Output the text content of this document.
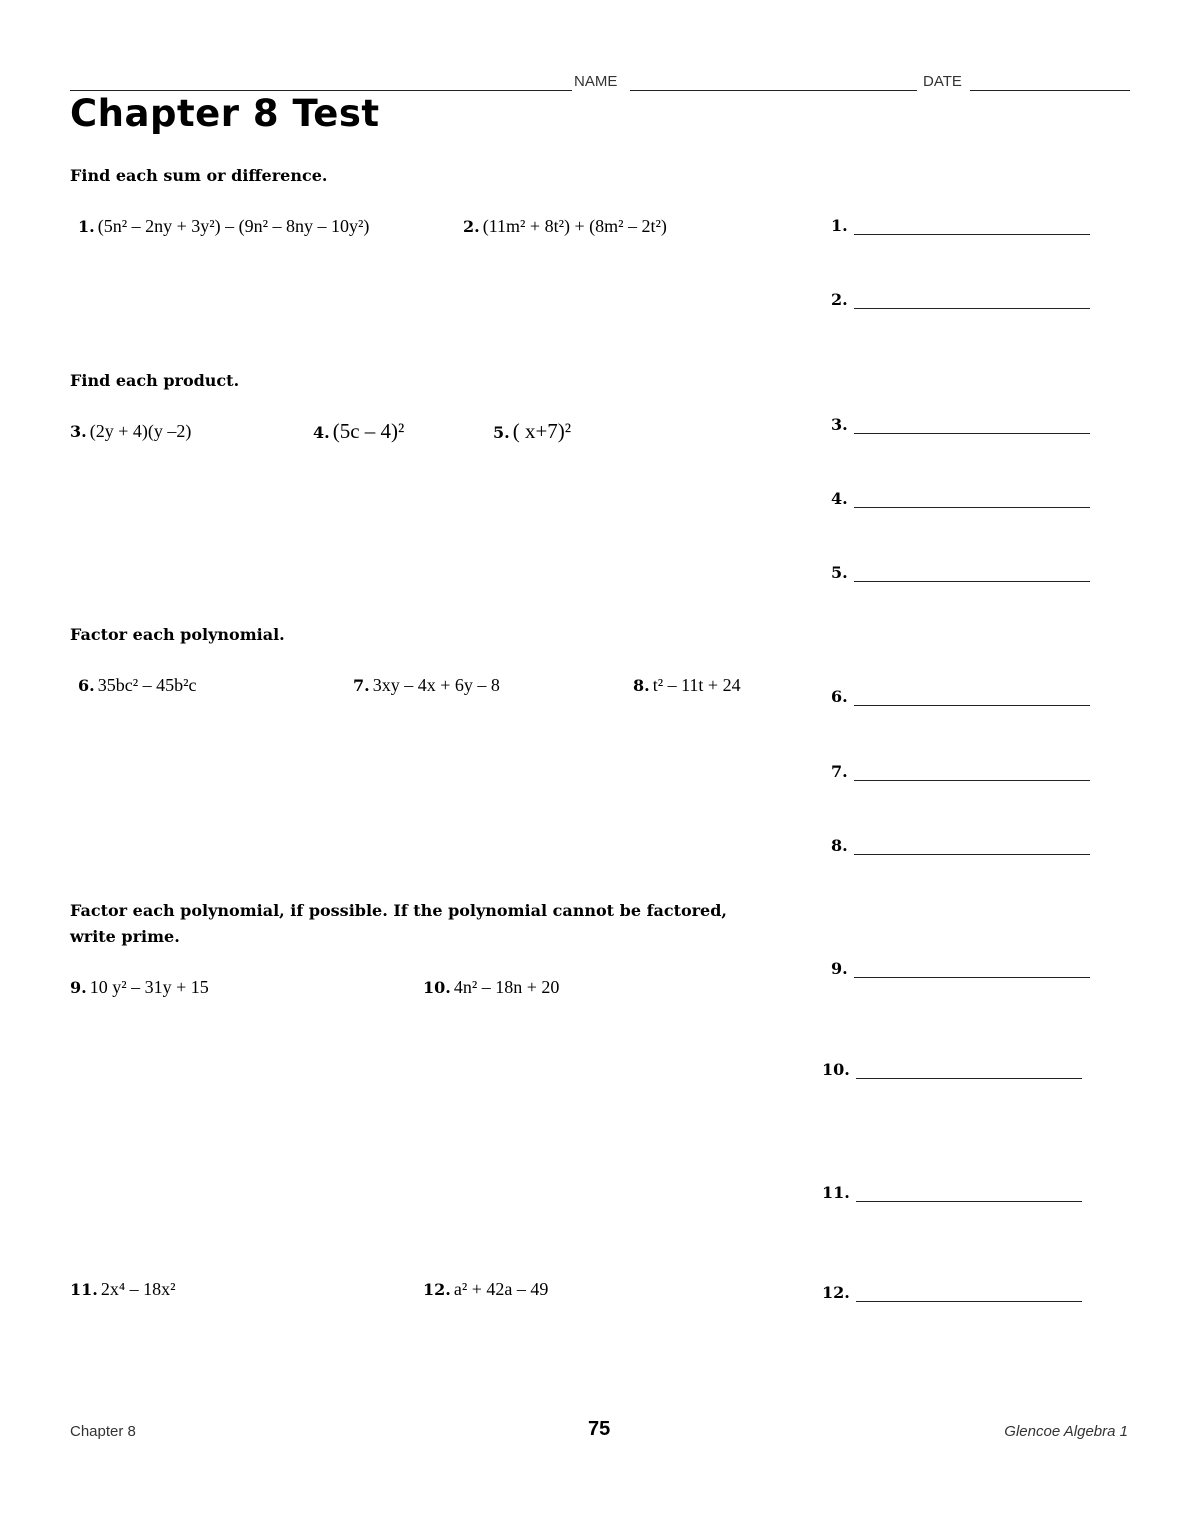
NAME	DATE
Chapter 8 Test
Find each sum or difference.
1. (5n² – 2ny + 3y²) – (9n² – 8ny – 10y²)	2. (11m² + 8t²) + (8m² – 2t²)
Find each product.
3. (2y + 4)(y –2)	4. (5c – 4)²	5. ( x+7)²
Factor each polynomial.
6. 35bc² – 45b²c	7. 3xy – 4x + 6y – 8	8. t² – 11t + 24
Factor each polynomial, if possible. If the polynomial cannot be factored,
write prime.
9. 10 y² – 31y + 15	10. 4n² – 18n + 20
11. 2x⁴ – 18x²	12. a² + 42a – 49
1.
2.
3.
4.
5.
6.
7.
8.
9.
10.
11.
12.
Chapter 8	75	Glencoe Algebra 1
